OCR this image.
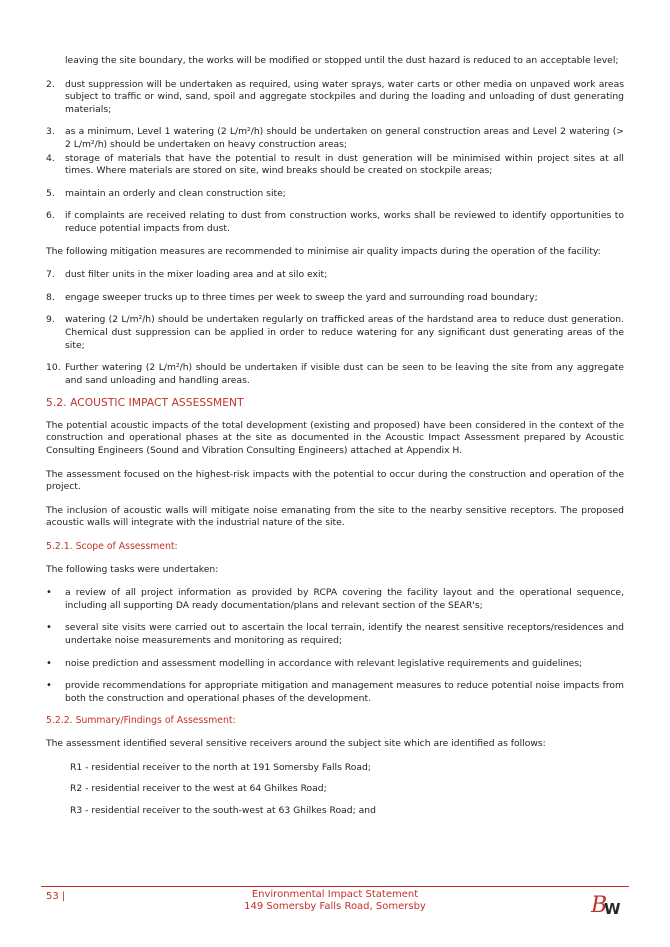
leaving the site boundary, the works will be modified or stopped until the dust hazard is reduced to an acceptable level;

2.	dust suppression will be undertaken as required, using water sprays, water carts or other media on unpaved work areas subject to traffic or wind, sand, spoil and aggregate stockpiles and during the loading and unloading of dust generating materials;
3.	as a minimum, Level 1 watering (2 L/m²/h) should be undertaken on general construction areas and Level 2 watering (> 2 L/m²/h) should be undertaken on heavy construction areas;
4.	storage of materials that have the potential to result in dust generation will be minimised within project sites at all times. Where materials are stored on site, wind breaks should be created on stockpile areas;
5.	maintain an orderly and clean construction site;
6.	if complaints are received relating to dust from construction works, works shall be reviewed to identify opportunities to reduce potential impacts from dust.

The following mitigation measures are recommended to minimise air quality impacts during the operation of the facility:

7.	dust filter units in the mixer loading area and at silo exit;
8.	engage sweeper trucks up to three times per week to sweep the yard and surrounding road boundary;
9.	watering (2 L/m²/h) should be undertaken regularly on trafficked areas of the hardstand area to reduce dust generation. Chemical dust suppression can be applied in order to reduce watering for any significant dust generating areas of the site;
10. Further watering (2 L/m²/h) should be undertaken if visible dust can be seen to be leaving the site from any aggregate and sand unloading and handling areas.
5.2. ACOUSTIC IMPACT ASSESSMENT

The potential acoustic impacts of the total development (existing and proposed) have been considered in the context of the construction and operational phases at the site as documented in the Acoustic Impact Assessment prepared by Acoustic Consulting Engineers (Sound and Vibration Consulting Engineers) attached at Appendix H.

The assessment focused on the highest-risk impacts with the potential to occur during the construction and operation of the project.

The inclusion of acoustic walls will mitigate noise emanating from the site to the nearby sensitive receptors. The proposed acoustic walls will integrate with the industrial nature of the site.

5.2.1. Scope of Assessment:

The following tasks were undertaken:

•	a review of all project information as provided by RCPA covering the facility layout and the operational sequence, including all supporting DA ready documentation/plans and relevant section of the SEAR's;
•	several site visits were carried out to ascertain the local terrain, identify the nearest sensitive receptors/residences and undertake noise measurements and monitoring as required;
•	noise prediction and assessment modelling in accordance with relevant legislative requirements and guidelines;
•	provide recommendations for appropriate mitigation and management measures to reduce potential noise impacts from both the construction and operational phases of the development.
5.2.2. Summary/Findings of Assessment:

The assessment identified several sensitive receivers around the subject site which are identified as follows:

R1 - residential receiver to the north at 191 Somersby Falls Road;

R2 - residential receiver to the west at 64 Ghilkes Road;

R3 - residential receiver to the south-west at 63 Ghilkes Road; and

53 |	Environmental Impact Statement
149 Somersby Falls Road, Somersby	B
W
